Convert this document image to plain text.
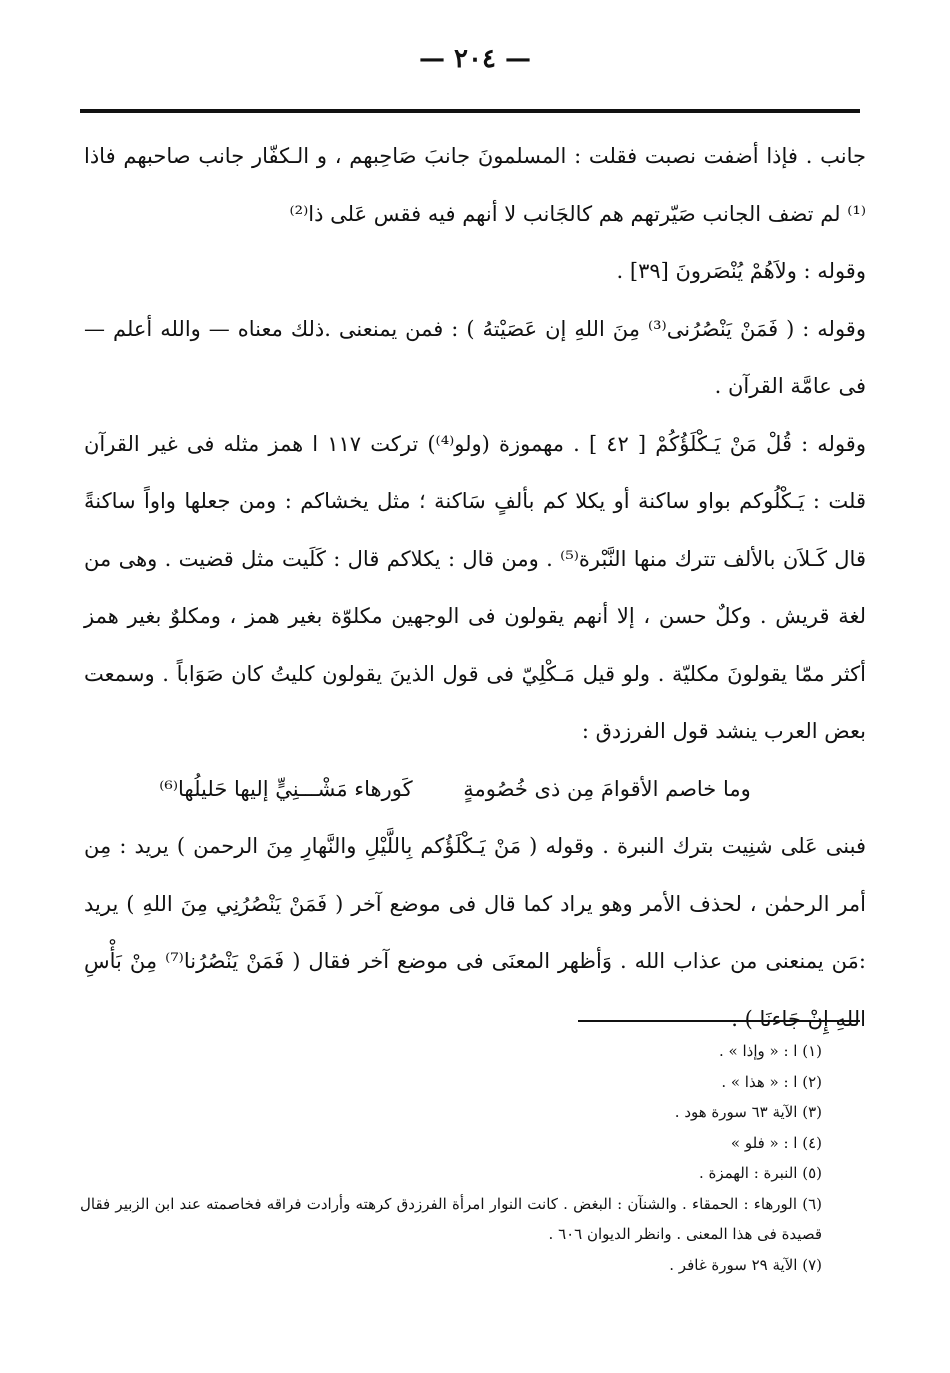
— ٢٠٤ —

جانب . فإذا أضفت نصبت فقلت : المسلمونَ جانبَ صَاحِبهم ، و الـكفّار جانب صاحبهم فاذا ⁽¹⁾ لم تضف الجانب صَيّرتهم هم كالجَانب لا أنهم فيه فقس عَلى ذا⁽²⁾

وقوله : ولاَهُمْ يُنْصَرونَ [٣٩] .

وقوله : ( فَمَنْ يَنْصُرُنى⁽³⁾ مِنَ اللهِ إن عَصَيْتهُ ) : فمن يمنعنى .ذلك معناه — والله أعلم — فى عامَّة القرآن .

وقوله : قُلْ مَنْ يَـكْلَؤُكُمْ [ ٤٢ ] . مهموزة (ولو⁽⁴⁾) تركت ١١٧ ا همز مثله فى غير القرآن قلت : يَـكْلُوكم بواو ساكنة أو يكلا كم بألفٍ سَاكنة ؛ مثل يخشاكم : ومن جعلها واواً ساكنةً قال كَـلاَن بالألف تترك منها النَّبْرة⁽⁵⁾ . ومن قال : يكلاكم قال : كَلَيت مثل قضيت . وهى من لغة قريش . وكلٌ حسن ، إلا أنهم يقولون فى الوجهين مكلوّة بغير همز ، ومكلوٌ بغير همز أكثر ممّا يقولونَ مكليّة . ولو قيل مَـكْلِيّ فى قول الذينَ يقولون كليتُ كان صَوَاباً . وسمعت بعض العرب ينشد قول الفرزدق :

وما خاصم الأقوامَ مِن ذى خُصُومةٍ كَورهاء مَشْـــنِيٍّ إليها حَليلُها⁽⁶⁾

فبنى عَلى شنِيت بترك النبرة . وقوله ( مَنْ يَـكْلَؤُكم بِاللَّيْلِ والنَّهارِ مِنَ الرحمن ) يريد : مِن أمر الرحمٰن ، لحذف الأمر وهو يراد كما قال فى موضع آخر ( فَمَنْ يَنْصُرُنِي مِنَ اللهِ ) يريد :مَن يمنعنى من عذاب الله . وَأظهر المعنَى فى موضع آخر فقال ( فَمَنْ يَنْصُرُنا⁽⁷⁾ مِنْ بَأْسِ اللهِ إِنْ جَاءنَا ) .

(١) ا : « وإذا » .

(٢) ا : « هذا » .

(٣) الآية ٦٣ سورة هود .

(٤) ا : « فلو »

(٥) النبرة : الهمزة .

(٦) الورهاء : الحمقاء . والشنآن : البغض . كانت النوار امرأة الفرزدق كرهته وأرادت فراقه فخاصمته عند ابن الزبير فقال قصيدة فى هذا المعنى . وانظر الديوان ٦٠٦ .

(٧) الآية ٢٩ سورة غافر .
